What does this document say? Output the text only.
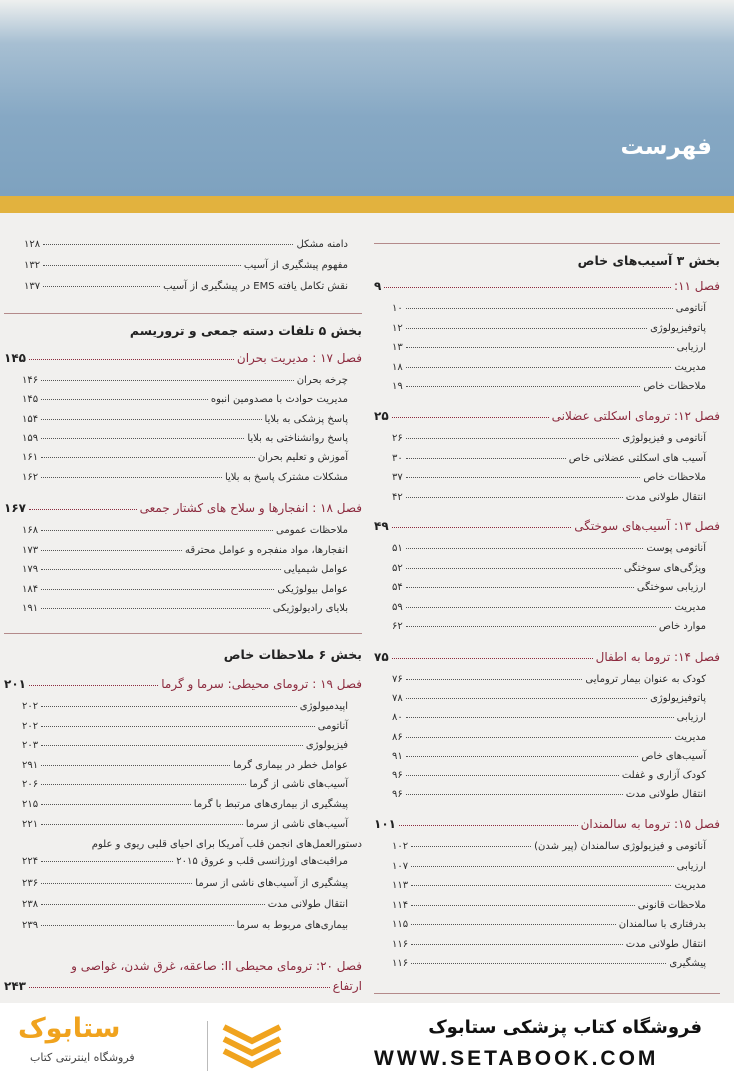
فهرست
بخش ۳ آسیب‌های خاص
فصل ۱۱:
۹
آناتومی
۱۰
پاتوفیزیولوژی
۱۲
ارزیابی
۱۳
مدیریت
۱۸
ملاحظات خاص
۱۹
فصل ۱۲: ترومای اسکلتی عضلانی
۲۵
آناتومی و فیزیولوژی
۲۶
آسیب های اسکلتی عضلانی خاص
۳۰
ملاحظات خاص
۳۷
انتقال طولانی مدت
۴۲
فصل ۱۳: آسیب‌های سوختگی
۴۹
آناتومی پوست
۵۱
ویژگی‌های سوختگی
۵۲
ارزیابی سوختگی
۵۴
مدیریت
۵۹
موارد خاص
۶۲
فصل ۱۴: تروما به اطفال
۷۵
کودک به عنوان بیمار ترومایی
۷۶
پاتوفیزیولوژی
۷۸
ارزیابی
۸۰
مدیریت
۸۶
آسیب‌های خاص
۹۱
کودک آزاری و غفلت
۹۶
انتقال طولانی مدت
۹۶
فصل ۱۵: تروما به سالمندان
۱۰۱
آناتومی و فیزیولوژی سالمندان (پیر شدن)
۱۰۲
ارزیابی
۱۰۷
مدیریت
۱۱۳
ملاحظات قانونی
۱۱۴
بدرفتاری با سالمندان
۱۱۵
انتقال طولانی مدت
۱۱۶
پیشگیری
۱۱۶
دامنه مشکل
۱۲۸
مفهوم پیشگیری از آسیب
۱۳۲
نقش تکامل یافته EMS در پیشگیری از آسیب
۱۳۷
بخش ۵ تلفات دسته جمعی و تروریسم
فصل ۱۷ : مدیریت بحران
۱۴۵
چرخه بحران
۱۴۶
مدیریت حوادث با مصدومین انبوه
۱۴۵
پاسخ پزشکی به بلایا
۱۵۴
پاسخ روانشناختی به بلایا
۱۵۹
آموزش و تعلیم بحران
۱۶۱
مشکلات مشترک پاسخ به بلایا
۱۶۲
فصل ۱۸ : انفجارها و سلاح های کشتار جمعی
۱۶۷
ملاحظات عمومی
۱۶۸
انفجارها، مواد منفجره و عوامل محترقه
۱۷۳
عوامل شیمیایی
۱۷۹
عوامل بیولوژیکی
۱۸۴
بلایای رادیولوژیکی
۱۹۱
بخش ۶ ملاحظات خاص
فصل ۱۹ : ترومای محیطی: سرما و گرما
۲۰۱
اپیدمیولوژی
۲۰۲
آناتومی
۲۰۲
فیزیولوژی
۲۰۳
عوامل خطر در بیماری گرما
۲۹۱
آسیب‌های ناشی از گرما
۲۰۶
پیشگیری از بیماری‌های مرتبط با گرما
۲۱۵
آسیب‌های ناشی از سرما
۲۲۱
دستورالعمل‌های انجمن قلب آمریکا برای احیای قلبی ریوی و علوم
مراقبت‌های اورژانسی قلب و عروق ۲۰۱۵
۲۲۴
پیشگیری از آسیب‌های ناشی از سرما
۲۳۶
انتقال طولانی مدت
۲۳۸
بیماری‌های مربوط به سرما
۲۳۹
فصل ۲۰: ترومای محیطی II: صاعقه، غرق شدن، غواصی و
ارتفاع
۲۴۳
فروشگاه کتاب پزشکی ستابوک
WWW.SETABOOK.COM
ستابوک
فروشگاه اینترنتی کتاب
